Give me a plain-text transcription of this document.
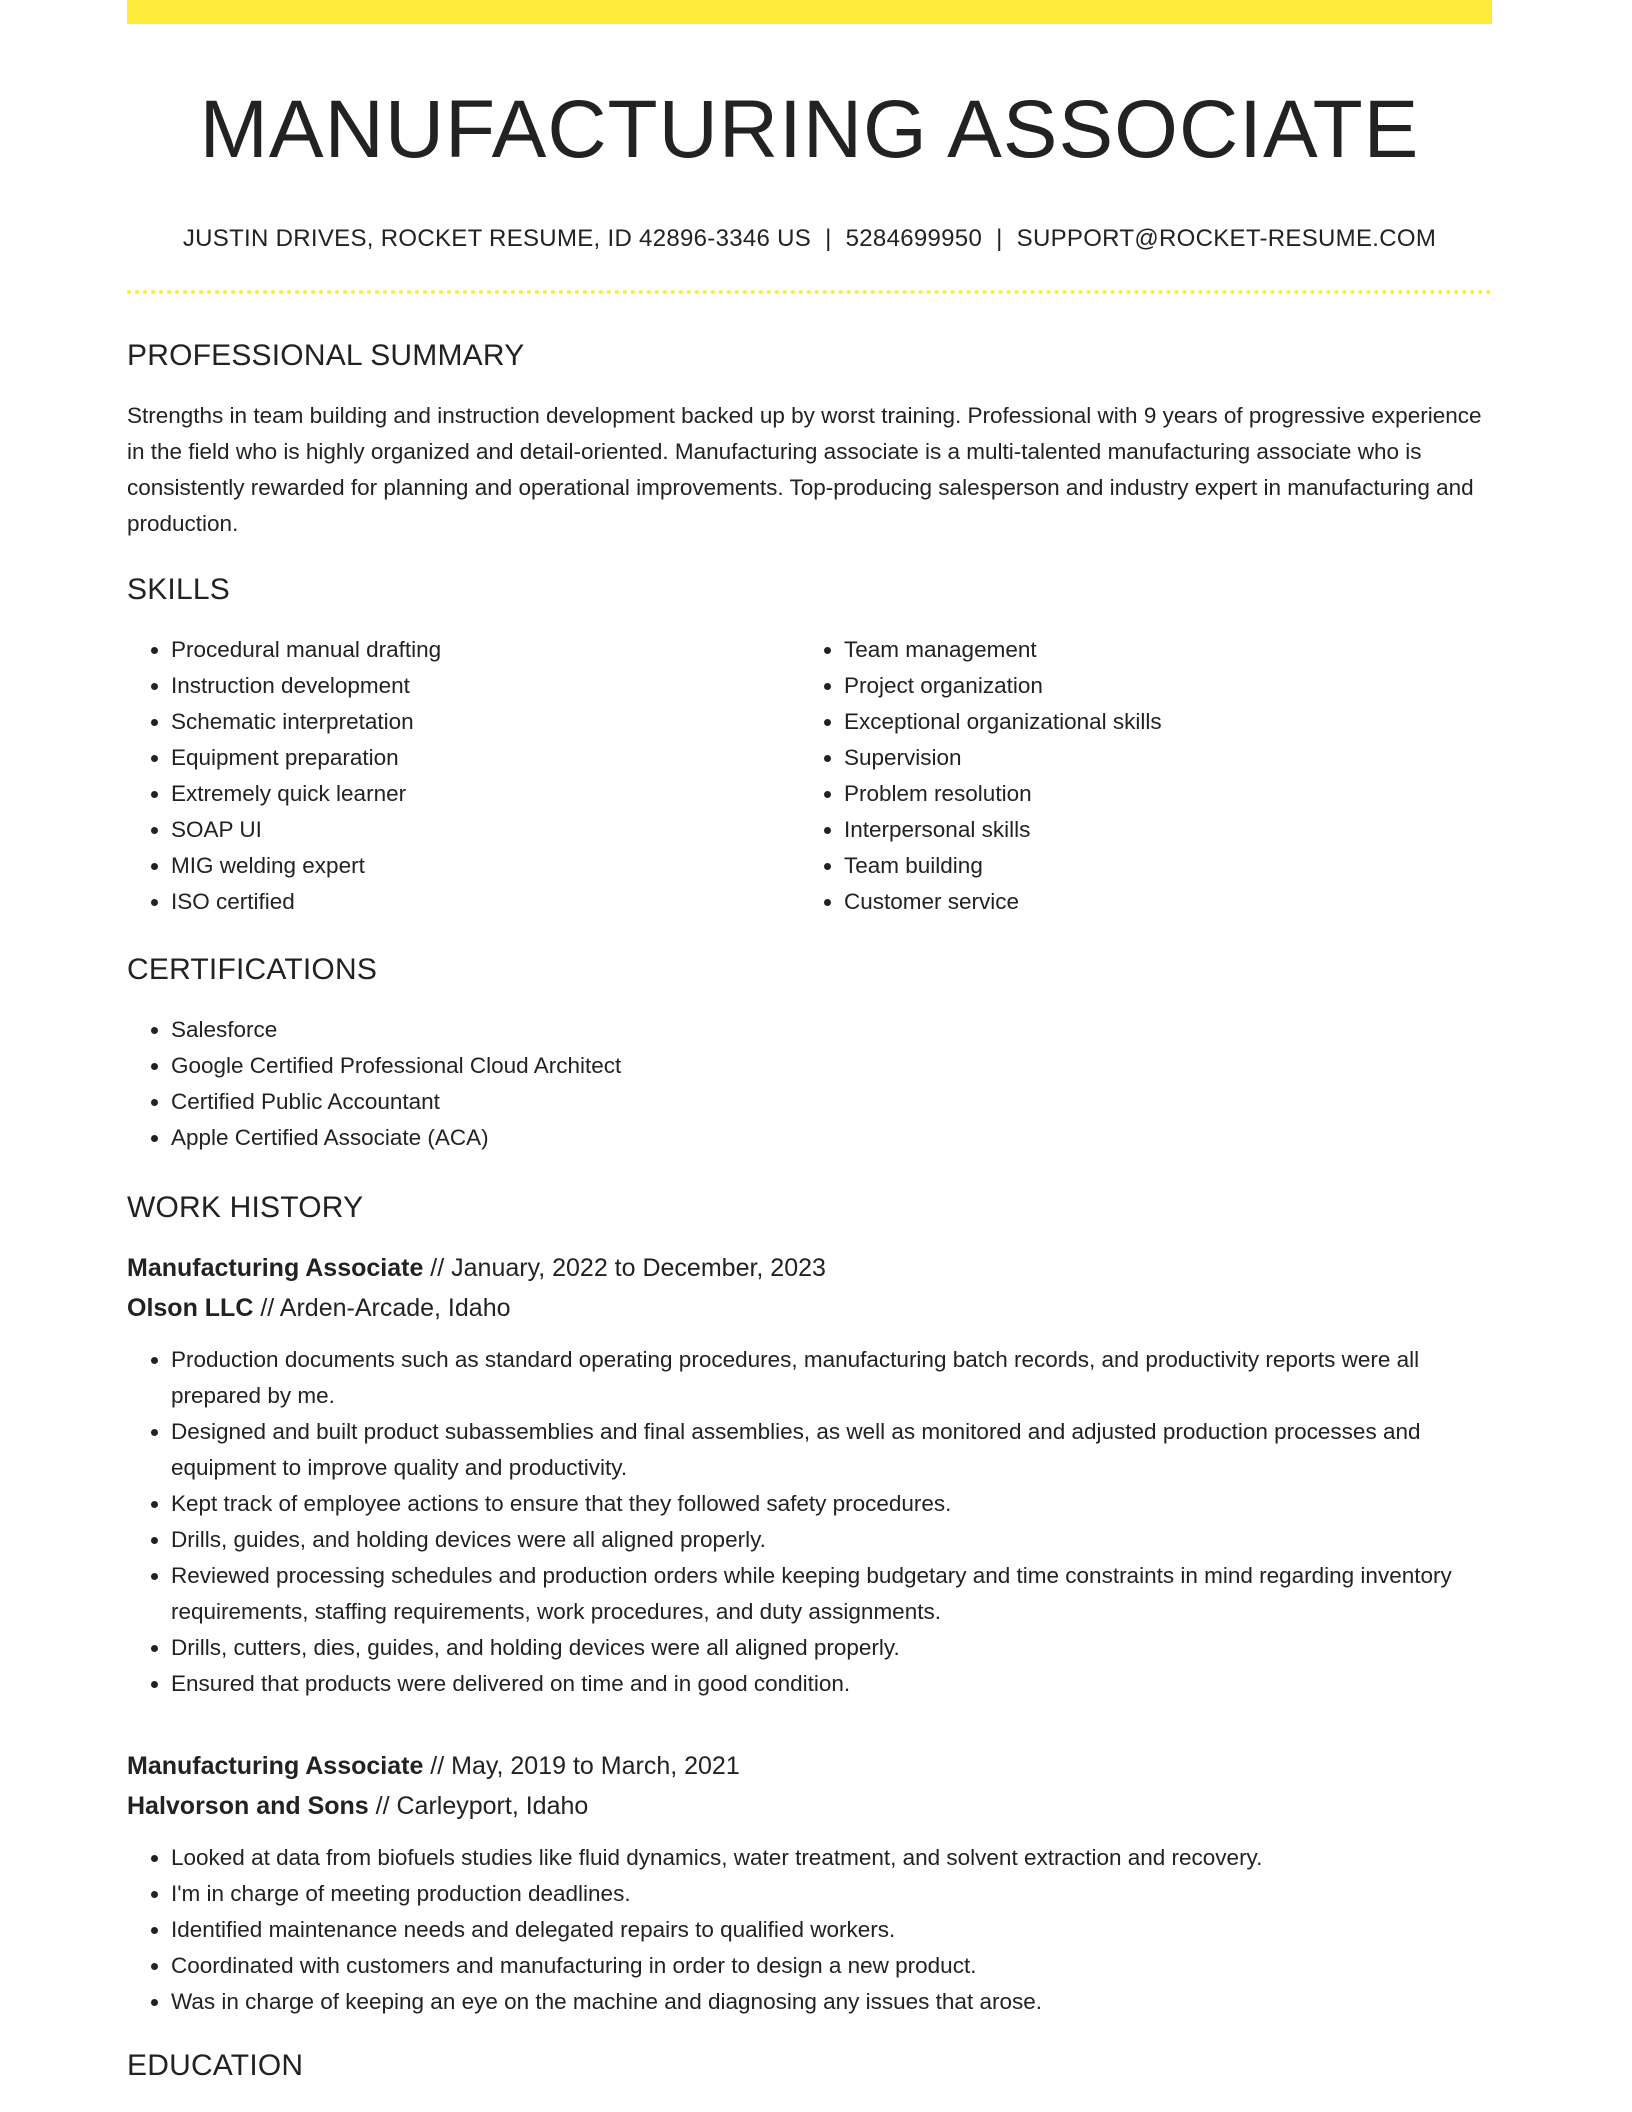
MANUFACTURING ASSOCIATE
JUSTIN DRIVES, ROCKET RESUME, ID 42896-3346 US | 5284699950 | SUPPORT@ROCKET-RESUME.COM
PROFESSIONAL SUMMARY

Strengths in team building and instruction development backed up by worst training. Professional with 9 years of progressive experience in the field who is highly organized and detail-oriented. Manufacturing associate is a multi-talented manufacturing associate who is consistently rewarded for planning and operational improvements. Top-producing salesperson and industry expert in manufacturing and production.

SKILLS
• Procedural manual drafting
• Instruction development
• Schematic interpretation
• Equipment preparation
• Extremely quick learner
• SOAP UI
• MIG welding expert
• ISO certified
• Team management
• Project organization
• Exceptional organizational skills
• Supervision
• Problem resolution
• Interpersonal skills
• Team building
• Customer service
CERTIFICATIONS
• Salesforce
• Google Certified Professional Cloud Architect
• Certified Public Accountant
• Apple Certified Associate (ACA)
WORK HISTORY
Manufacturing Associate // January, 2022 to December, 2023
Olson LLC // Arden-Arcade, Idaho
• Production documents such as standard operating procedures, manufacturing batch records, and productivity reports were all prepared by me.
• Designed and built product subassemblies and final assemblies, as well as monitored and adjusted production processes and equipment to improve quality and productivity.
• Kept track of employee actions to ensure that they followed safety procedures.
• Drills, guides, and holding devices were all aligned properly.
• Reviewed processing schedules and production orders while keeping budgetary and time constraints in mind regarding inventory requirements, staffing requirements, work procedures, and duty assignments.
• Drills, cutters, dies, guides, and holding devices were all aligned properly.
• Ensured that products were delivered on time and in good condition.
Manufacturing Associate // May, 2019 to March, 2021
Halvorson and Sons // Carleyport, Idaho
• Looked at data from biofuels studies like fluid dynamics, water treatment, and solvent extraction and recovery.
• I'm in charge of meeting production deadlines.
• Identified maintenance needs and delegated repairs to qualified workers.
• Coordinated with customers and manufacturing in order to design a new product.
• Was in charge of keeping an eye on the machine and diagnosing any issues that arose.
EDUCATION
